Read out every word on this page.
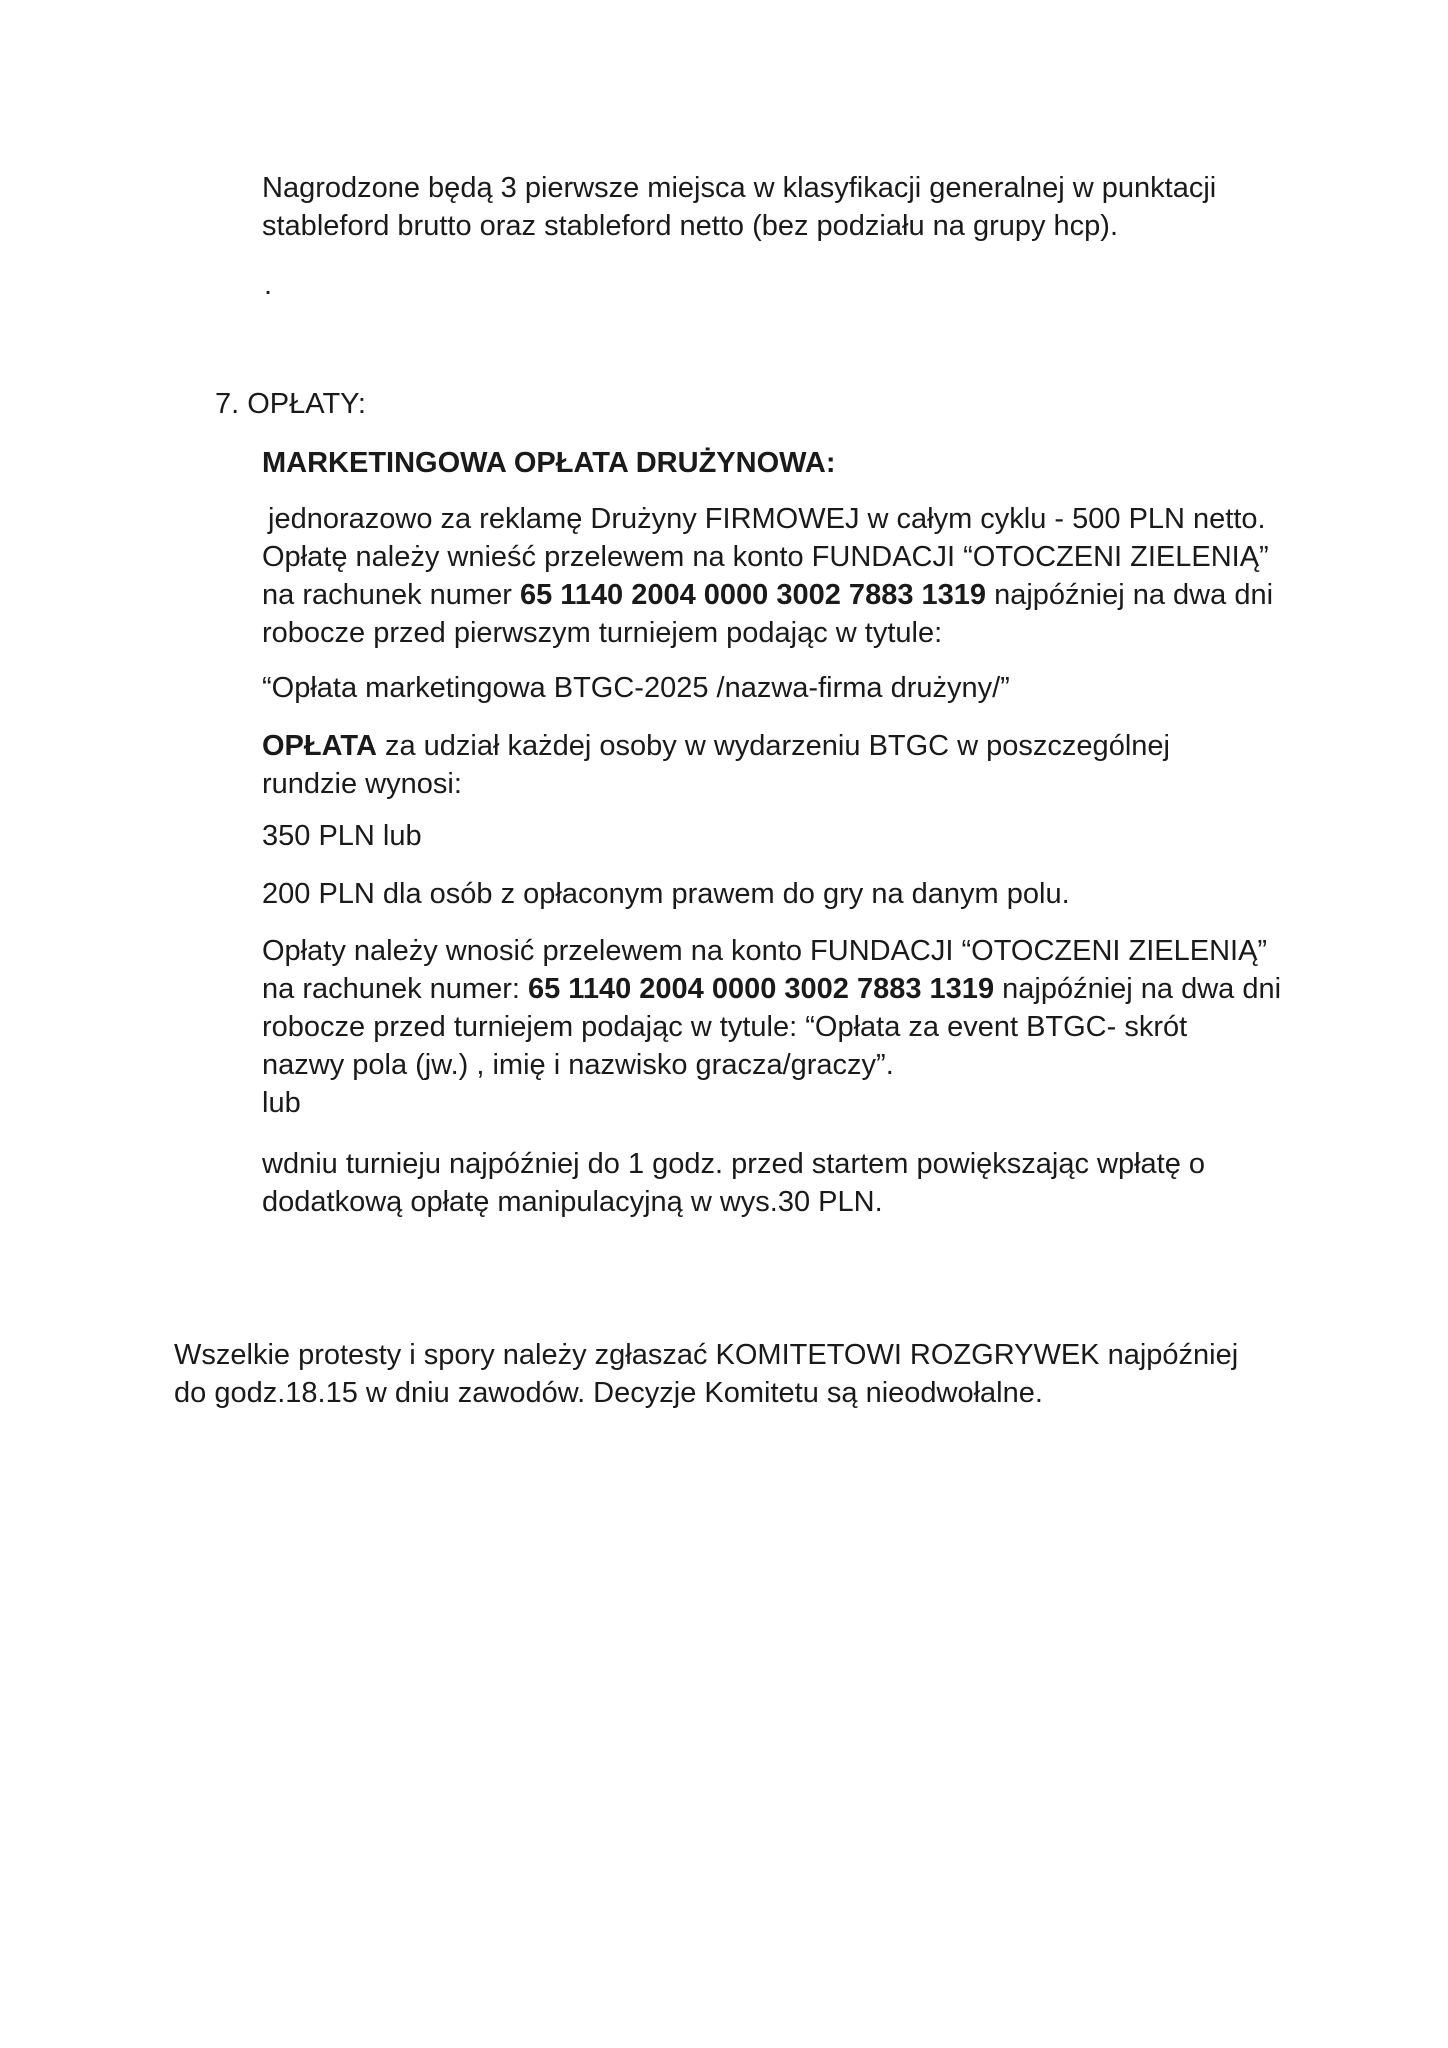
Nagrodzone będą 3 pierwsze miejsca w klasyfikacji generalnej w punktacji
stableford brutto oraz stableford netto (bez podziału na grupy hcp).
.
7. OPŁATY:
MARKETINGOWA OPŁATA DRUŻYNOWA:
jednorazowo za reklamę Drużyny FIRMOWEJ w całym cyklu - 500 PLN netto.
Opłatę należy wnieść przelewem na konto FUNDACJI “OTOCZENI ZIELENIĄ”
na rachunek numer 65 1140 2004 0000 3002 7883 1319 najpóźniej na dwa dni
robocze przed pierwszym turniejem podając w tytule:
“Opłata marketingowa BTGC-2025 /nazwa-firma drużyny/”
OPŁATA za udział każdej osoby w wydarzeniu BTGC w poszczególnej
rundzie wynosi:
350 PLN lub
200 PLN dla osób z opłaconym prawem do gry na danym polu.
Opłaty należy wnosić przelewem na konto FUNDACJI “OTOCZENI ZIELENIĄ”
na rachunek numer: 65 1140 2004 0000 3002 7883 1319 najpóźniej na dwa dni
robocze przed turniejem podając w tytule: “Opłata za event BTGC- skrót
nazwy pola (jw.) , imię i nazwisko gracza/graczy”.
lub
wdniu turnieju najpóźniej do 1 godz. przed startem powiększając wpłatę o
dodatkową opłatę manipulacyjną w wys.30 PLN.
Wszelkie protesty i spory należy zgłaszać KOMITETOWI ROZGRYWEK najpóźniej
do godz.18.15 w dniu zawodów. Decyzje Komitetu są nieodwołalne.
